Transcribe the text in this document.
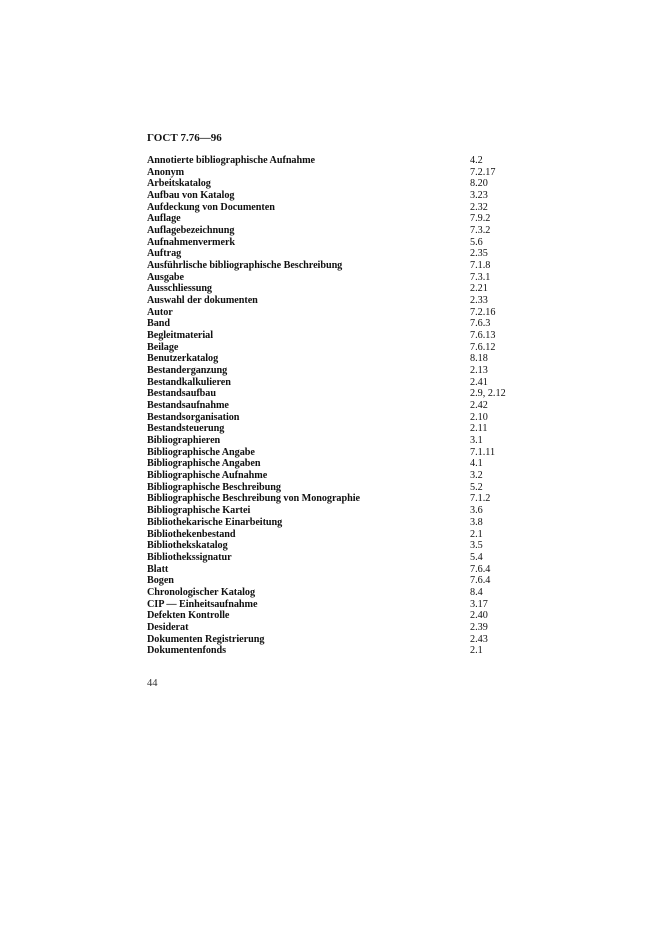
ГОСТ 7.76—96
Annotierte bibliographische Aufnahme	4.2
Anonym	7.2.17
Arbeitskatalog	8.20
Aufbau von Katalog	3.23
Aufdeckung von Documenten	2.32
Auflage	7.9.2
Auflagebezeichnung	7.3.2
Aufnahmenvermerk	5.6
Auftrag	2.35
Ausführlische bibliographische Beschreibung	7.1.8
Ausgabe	7.3.1
Ausschliessung	2.21
Auswahl der dokumenten	2.33
Autor	7.2.16
Band	7.6.3
Begleitmaterial	7.6.13
Beilage	7.6.12
Benutzerkatalog	8.18
Bestanderganzung	2.13
Bestandkalkulieren	2.41
Bestandsaufbau	2.9, 2.12
Bestandsaufnahme	2.42
Bestandsorganisation	2.10
Bestandsteuerung	2.11
Bibliographieren	3.1
Bibliographische Angabe	7.1.11
Bibliographische Angaben	4.1
Bibliographische Aufnahme	3.2
Bibliographische Beschreibung	5.2
Bibliographische Beschreibung von Monographie	7.1.2
Bibliographische Kartei	3.6
Bibliothekarische Einarbeitung	3.8
Bibliothekenbestand	2.1
Bibliothekskatalog	3.5
Bibliothekssignatur	5.4
Blatt	7.6.4
Bogen	7.6.4
Chronologischer Katalog	8.4
CIP — Einheitsaufnahme	3.17
Defekten Kontrolle	2.40
Desiderat	2.39
Dokumenten Registrierung	2.43
Dokumentenfonds	2.1
44
